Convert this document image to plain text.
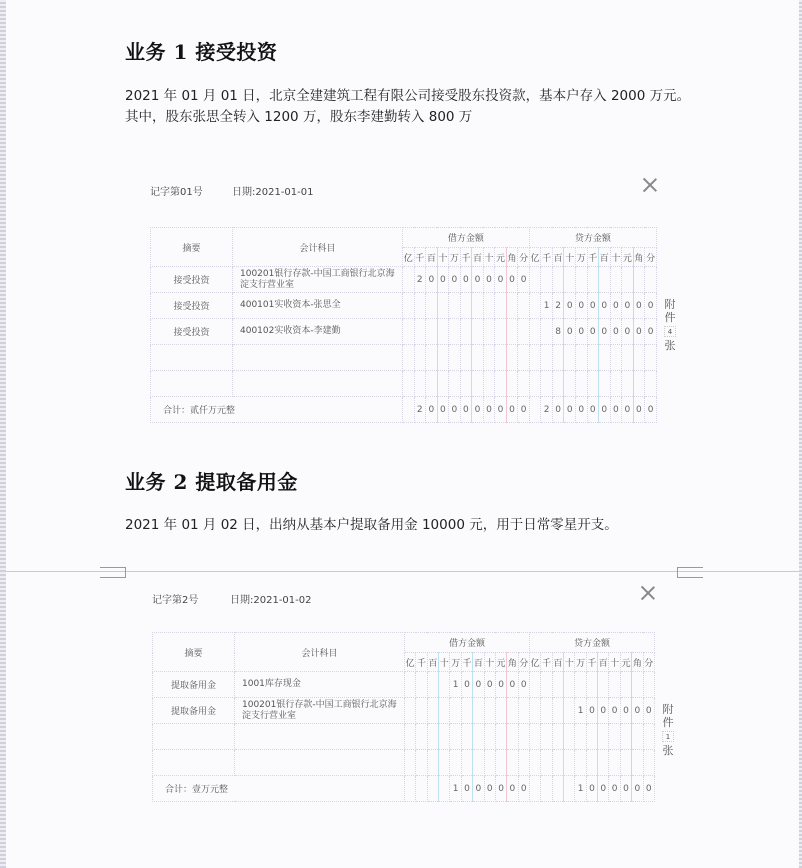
业务 1 接受投资

2021 年 01 月 01 日，北京全建建筑工程有限公司接受股东投资款，基本户存入 2000 万元。
其中，股东张思全转入 1200 万，股东李建勤转入 800 万

记字第01号	日期:2021-01-01
摘要	会计科目	借方金额											贷方金额										
		亿	千	百	十	万	千	百	十	元	角	分	亿	千	百	十	万	千	百	十	元	角	分
接受投资	100201银行存款-中国工商银行北京海淀支行营业室		2	0	0	0	0	0	0	0	0	0											
接受投资	400101实收资本-张思全													1	2	0	0	0	0	0	0	0	0
接受投资	400102实收资本-李建勤														8	0	0	0	0	0	0	0	0

合计：贰仟万元整			2	0	0	0	0	0	0	0	0	0		2	0	0	0	0	0	0	0	0	0
附
件
4
张
业务 2 提取备用金

2021 年 01 月 02 日，出纳从基本户提取备用金 10000 元，用于日常零星开支。

记字第2号	日期:2021-01-02
摘要	会计科目	借方金额											贷方金额										
		亿	千	百	十	万	千	百	十	元	角	分	亿	千	百	十	万	千	百	十	元	角	分
提取备用金	1001库存现金					1	0	0	0	0	0	0											
提取备用金	100201银行存款-中国工商银行北京海淀支行营业室																1	0	0	0	0	0	0

合计：壹万元整						1	0	0	0	0	0	0					1	0	0	0	0	0	0
附
件
1
张
